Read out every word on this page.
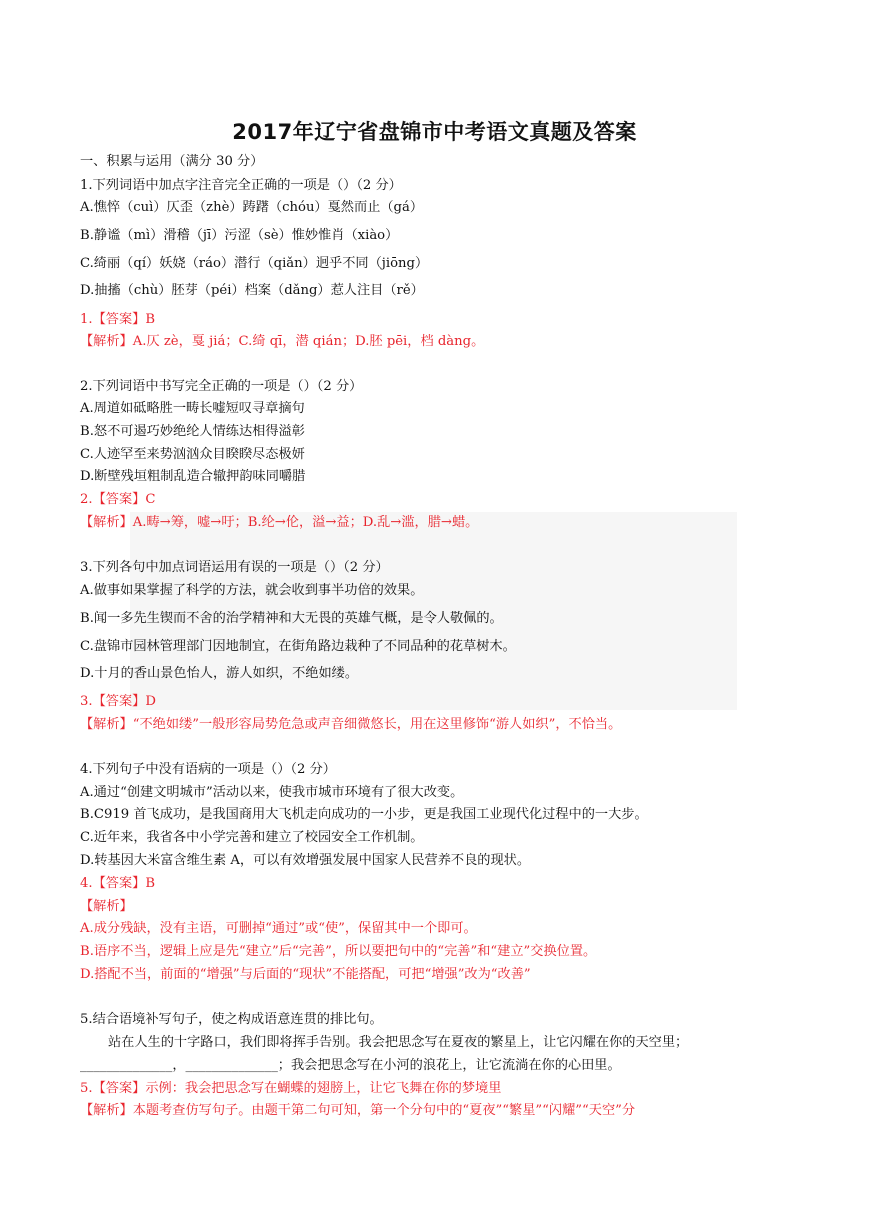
2017年辽宁省盘锦市中考语文真题及答案
一、积累与运用（满分 30 分）
1.下列词语中加点字注音完全正确的一项是（）（2 分）
A.憔悴（cuì）仄歪（zhè）踌躇（chóu）戛然而止（gá）
B.静谧（mì）滑稽（jī）污涩（sè）惟妙惟肖（xiào）
C.绮丽（qí）妖娆（ráo）潜行（qiǎn）迥乎不同（jiōng）
D.抽搐（chù）胚芽（péi）档案（dǎng）惹人注目（rě）
1.【答案】B
【解析】A.仄 zè，戛 jiá；C.绮 qī，潜 qián；D.胚 pēi，档 dàng。
2.下列词语中书写完全正确的一项是（）（2 分）
A.周道如砥略胜一畴长嘘短叹寻章摘句
B.怒不可遏巧妙绝纶人情练达相得溢彰
C.人迹罕至来势汹汹众目睽睽尽态极妍
D.断壁残垣粗制乱造合辙押韵味同嚼腊
2.【答案】C
【解析】A.畴→筹，嘘→吁；B.纶→伦，溢→益；D.乱→滥，腊→蜡。
3.下列各句中加点词语运用有误的一项是（）（2 分）
A.做事如果掌握了科学的方法，就会收到事半功倍的效果。
B.闻一多先生锲而不舍的治学精神和大无畏的英雄气概，是令人敬佩的。
C.盘锦市园林管理部门因地制宜，在街角路边栽种了不同品种的花草树木。
D.十月的香山景色怡人，游人如织，不绝如缕。
3.【答案】D
【解析】“不绝如缕”一般形容局势危急或声音细微悠长，用在这里修饰“游人如织”，不恰当。
4.下列句子中没有语病的一项是（）（2 分）
A.通过“创建文明城市”活动以来，使我市城市环境有了很大改变。
B.C919 首飞成功，是我国商用大飞机走向成功的一小步，更是我国工业现代化过程中的一大步。
C.近年来，我省各中小学完善和建立了校园安全工作机制。
D.转基因大米富含维生素 A，可以有效增强发展中国家人民营养不良的现状。
4.【答案】B
【解析】
A.成分残缺，没有主语，可删掉“通过”或“使”，保留其中一个即可。
B.语序不当，逻辑上应是先“建立”后“完善”，所以要把句中的“完善”和“建立”交换位置。
D.搭配不当，前面的“增强”与后面的“现状”不能搭配，可把“增强”改为“改善”
5.结合语境补写句子，使之构成语意连贯的排比句。
站在人生的十字路口，我们即将挥手告别。我会把思念写在夏夜的繁星上，让它闪耀在你的天空里；
______________，______________；我会把思念写在小河的浪花上，让它流淌在你的心田里。
5.【答案】示例：我会把思念写在蝴蝶的翅膀上，让它飞舞在你的梦境里
【解析】本题考查仿写句子。由题干第二句可知，第一个分句中的“夏夜”“繁星”“闪耀”“天空”分
